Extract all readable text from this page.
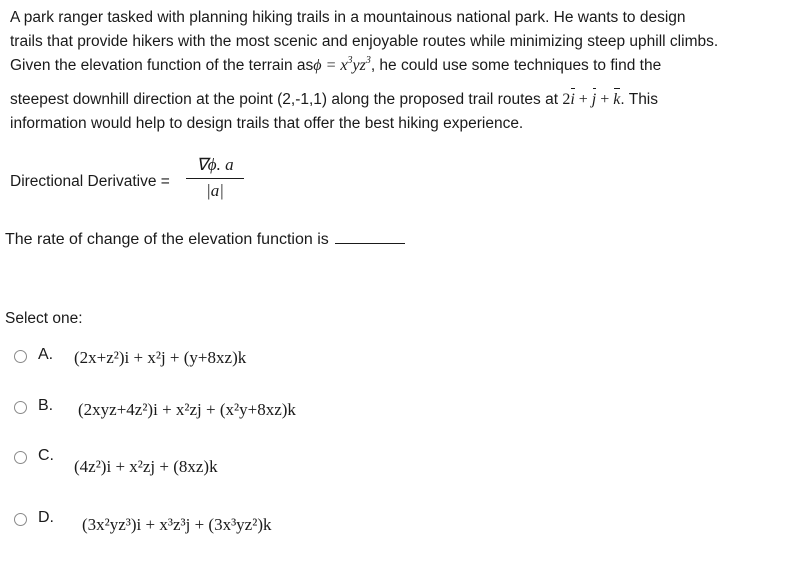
A park ranger tasked with planning hiking trails in a mountainous national park. He wants to design
trails that provide hikers with the most scenic and enjoyable routes while minimizing steep uphill climbs.
Given the elevation function of the terrain $as\phi = x^3yz^3$, he could use some techniques to find the
steepest downhill direction at the point (2,-1,1) along the proposed trail routes at 2i + j + k. This
information would help to design trails that offer the best hiking experience.
Directional Derivative =
∇ϕ. a
|a|
The rate of change of the elevation function is
Select one:
A. (2x+z²)i + x²j + (y+8xz)k
B. (2xyz+4z²)i + x²zj + (x²y+8xz)k
C.
(4z²)i + x²zj + (8xz)k
D. (3x²yz³)i + x³z³j + (3x³yz²)k
